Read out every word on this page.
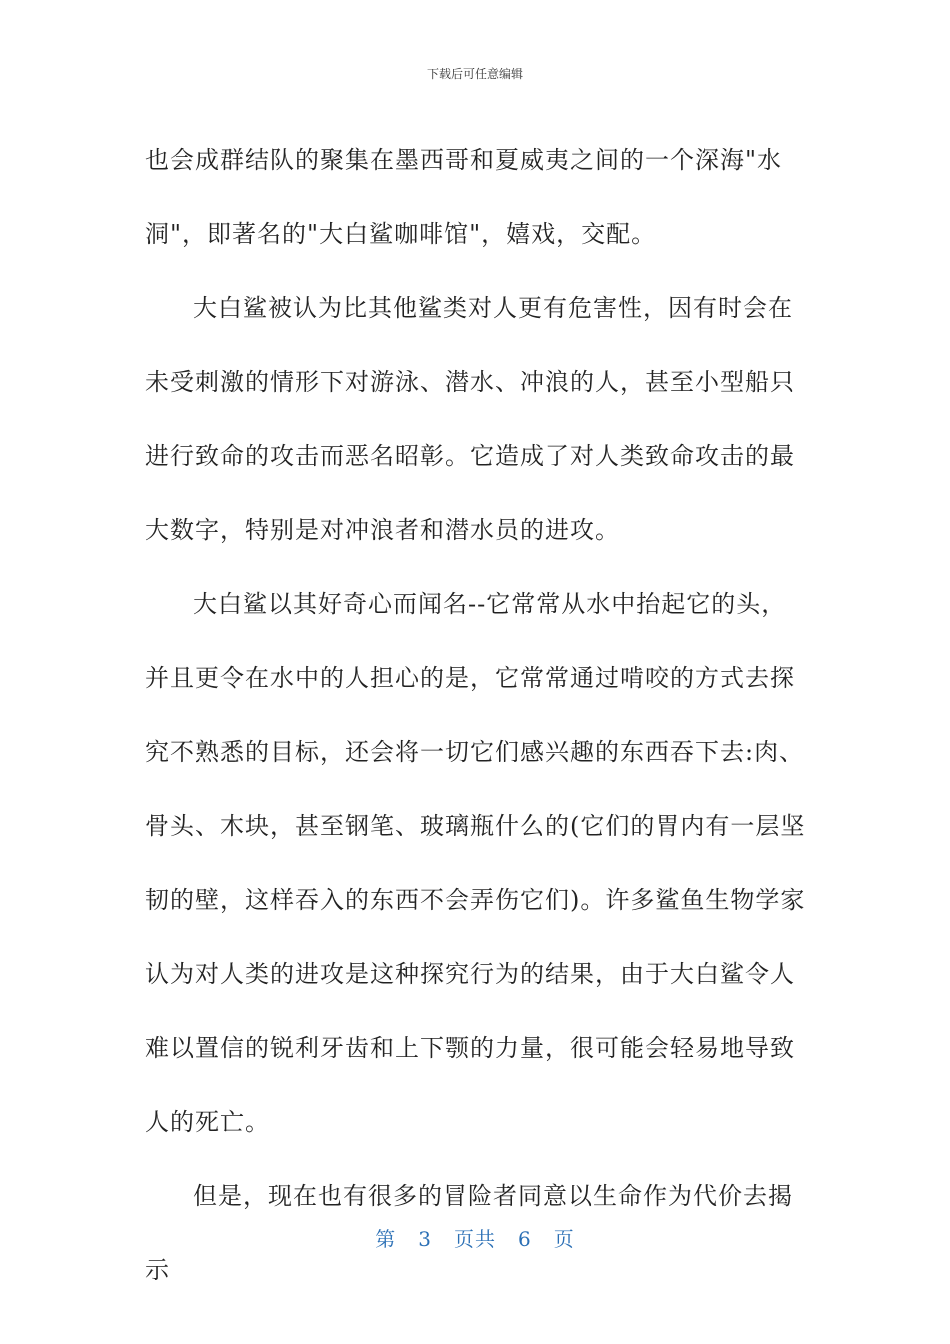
下载后可任意编辑

也会成群结队的聚集在墨西哥和夏威夷之间的一个深海"水洞"，即著名的"大白鲨咖啡馆"，嬉戏，交配。

大白鲨被认为比其他鲨类对人更有危害性，因有时会在未受刺激的情形下对游泳、潜水、冲浪的人，甚至小型船只进行致命的攻击而恶名昭彰。它造成了对人类致命攻击的最大数字，特别是对冲浪者和潜水员的进攻。

大白鲨以其好奇心而闻名--它常常从水中抬起它的头，并且更令在水中的人担心的是，它常常通过啃咬的方式去探究不熟悉的目标，还会将一切它们感兴趣的东西吞下去:肉、骨头、木块，甚至钢笔、玻璃瓶什么的(它们的胃内有一层坚韧的壁，这样吞入的东西不会弄伤它们)。许多鲨鱼生物学家认为对人类的进攻是这种探究行为的结果，由于大白鲨令人难以置信的锐利牙齿和上下颚的力量，很可能会轻易地导致人的死亡。

但是，现在也有很多的冒险者同意以生命作为代价去揭示

第 3 页共 6 页
